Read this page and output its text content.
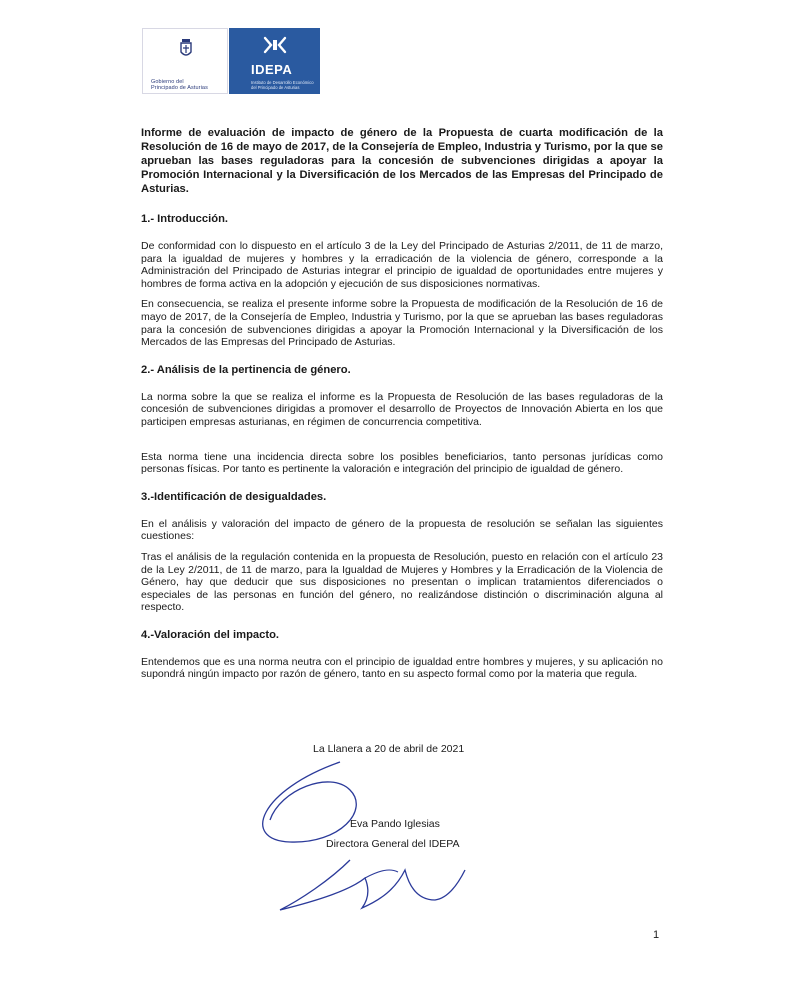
Gobierno del
Principado de Asturias
IDEPA
Instituto de Desarrollo Económico del Principado de Asturias
Informe de evaluación de impacto de género de la Propuesta de cuarta modificación de la Resolución de 16 de mayo de 2017, de la Consejería de Empleo, Industria y Turismo, por la que se aprueban las bases reguladoras para la concesión de subvenciones dirigidas a apoyar la Promoción Internacional y la Diversificación de los Mercados de las Empresas del Principado de Asturias.
1.- Introducción.

De conformidad con lo dispuesto en el artículo 3 de la Ley del Principado de Asturias 2/2011, de 11 de marzo, para la igualdad de mujeres y hombres y la erradicación de la violencia de género, corresponde a la Administración del Principado de Asturias integrar el principio de igualdad de oportunidades entre mujeres y hombres de forma activa en la adopción y ejecución de sus disposiciones normativas.

En consecuencia, se realiza el presente informe sobre la Propuesta de modificación de la Resolución de 16 de mayo de 2017, de la Consejería de Empleo, Industria y Turismo, por la que se aprueban las bases reguladoras para la concesión de subvenciones dirigidas a apoyar la Promoción Internacional y la Diversificación de los Mercados de las Empresas del Principado de Asturias.

2.- Análisis de la pertinencia de género.

La norma sobre la que se realiza el informe es la Propuesta de Resolución de las bases reguladoras de la concesión de subvenciones dirigidas a promover el desarrollo de Proyectos de Innovación Abierta en los que participen empresas asturianas, en régimen de concurrencia competitiva.

Esta norma tiene una incidencia directa sobre los posibles beneficiarios, tanto personas jurídicas como personas físicas. Por tanto es pertinente la valoración e integración del principio de igualdad de género.

3.-Identificación de desigualdades.

En el análisis y valoración del impacto de género de la propuesta de resolución se señalan las siguientes cuestiones:

Tras el análisis de la regulación contenida en la propuesta de Resolución, puesto en relación con el artículo 23 de la Ley 2/2011, de 11 de marzo, para la Igualdad de Mujeres y Hombres y la Erradicación de la Violencia de Género, hay que deducir que sus disposiciones no presentan o implican tratamientos diferenciados o especiales de las personas en función del género, no realizándose distinción o discriminación alguna al respecto.

4.-Valoración del impacto.

Entendemos que es una norma neutra con el principio de igualdad entre hombres y mujeres, y su aplicación no supondrá ningún impacto por razón de género, tanto en su aspecto formal como por la materia que regula.

La Llanera a 20 de abril de 2021
Eva Pando Iglesias
Directora General del IDEPA
1
